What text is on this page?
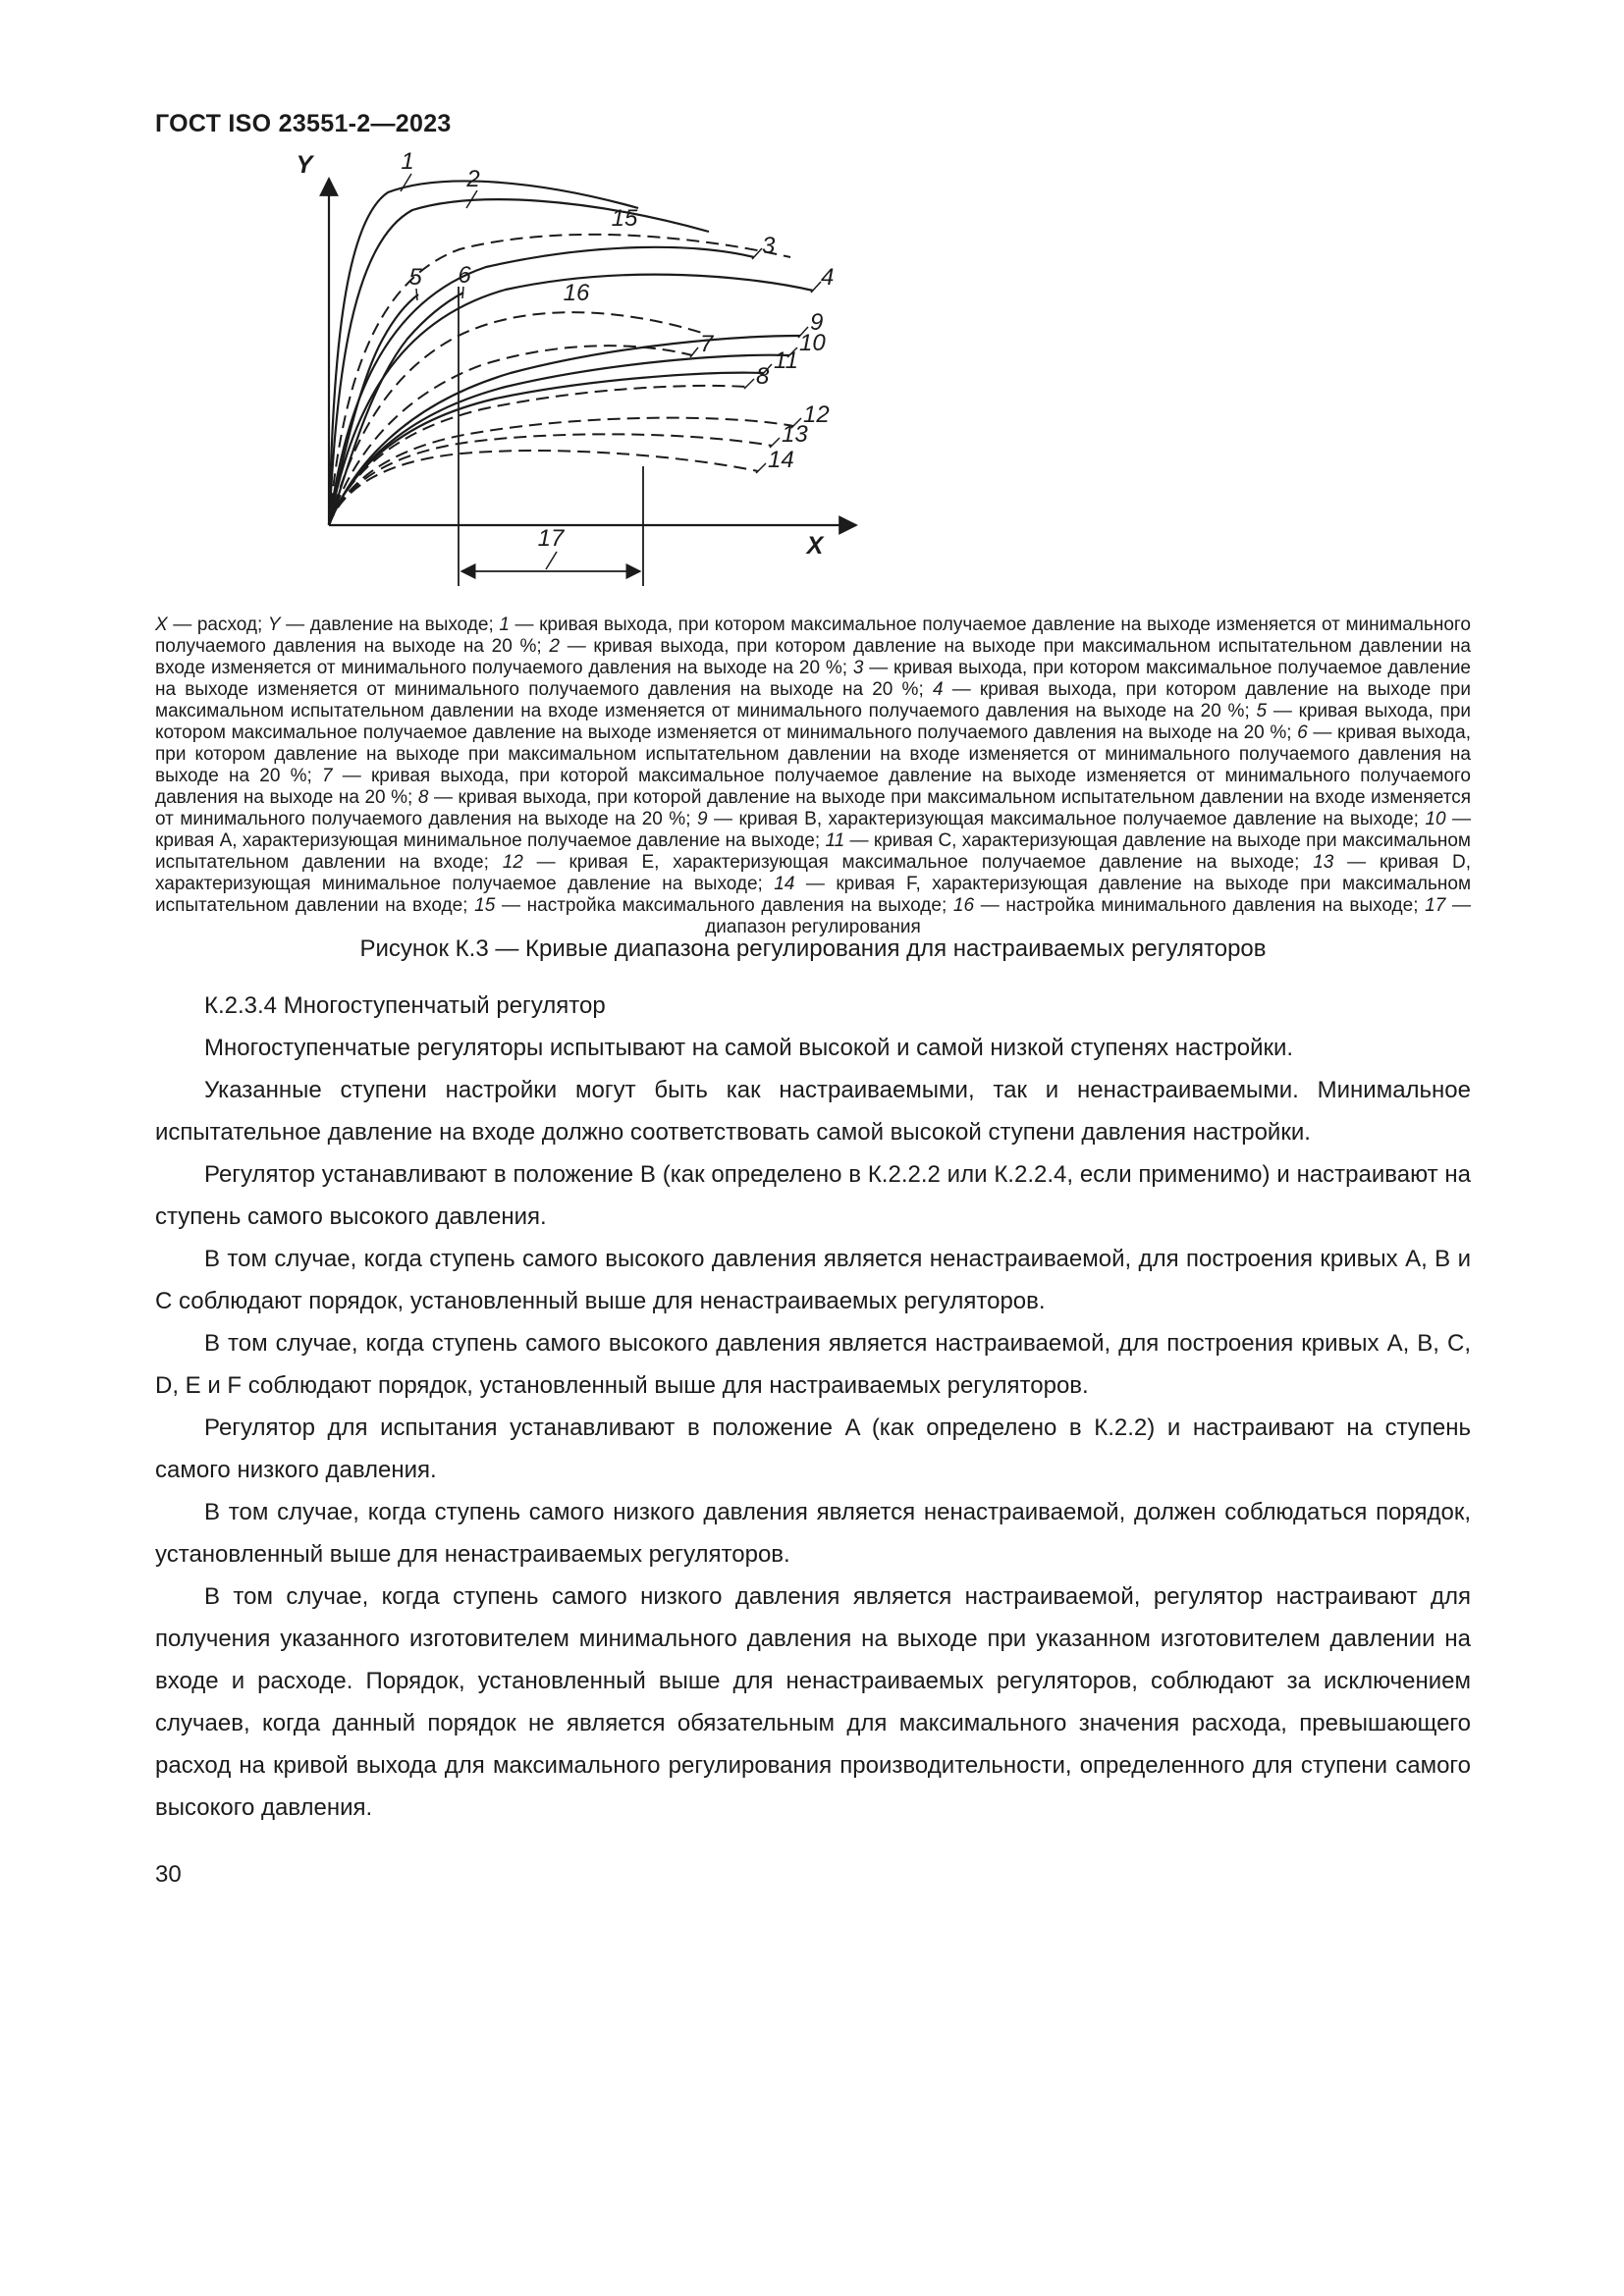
ГОСТ ISO 23551-2—2023
Y
X
1
2
3
4
5 6
7
8
9
10
11
12
13
14
15
16
17
X — расход; Y — давление на выходе; 1 — кривая выхода, при котором максимальное получаемое давление на выходе изменяется от минимального получаемого давления на выходе на 20 %; 2 — кривая выхода, при котором давление на выходе при максимальном испытательном давлении на входе изменяется от минимального получаемого давления на выходе на 20 %; 3 — кривая выхода, при котором максимальное получаемое давление на выходе изменяется от минимального получаемого давления на выходе на 20 %; 4 — кривая выхода, при котором давление на выходе при максимальном испытательном давлении на входе изменяется от минимального получаемого давления на выходе на 20 %; 5 — кривая выхода, при котором максимальное получаемое давление на выходе изменяется от минимального получаемого давления на выходе на 20 %; 6 — кривая выхода, при котором давление на выходе при максимальном испытательном давлении на входе изменяется от минимального получаемого давления на выходе на 20 %; 7 — кривая выхода, при которой максимальное получаемое давление на выходе изменяется от минимального получаемого давления на выходе на 20 %; 8 — кривая выхода, при которой давление на выходе при максимальном испытательном давлении на входе изменяется от минимального получаемого давления на выходе на 20 %; 9 — кривая B, характеризующая максимальное получаемое давление на выходе; 10 — кривая A, характеризующая минимальное получаемое давление на выходе; 11 — кривая C, характеризующая давление на выходе при максимальном испытательном давлении на входе; 12 — кривая E, характеризующая максимальное получаемое давление на выходе; 13 — кривая D, характеризующая минимальное получаемое давление на выходе; 14 — кривая F, характеризующая давление на выходе при максимальном испытательном давлении на входе; 15 — настройка максимального давления на выходе; 16 — настройка минимального давления на выходе; 17 — диапазон регулирования
Рисунок К.3 — Кривые диапазона регулирования для настраиваемых регуляторов

К.2.3.4 Многоступенчатый регулятор

Многоступенчатые регуляторы испытывают на самой высокой и самой низкой ступенях настройки.

Указанные ступени настройки могут быть как настраиваемыми, так и ненастраиваемыми. Минимальное испытательное давление на входе должно соответствовать самой высокой ступени давления настройки.

Регулятор устанавливают в положение B (как определено в К.2.2.2 или К.2.2.4, если применимо) и настраивают на ступень самого высокого давления.

В том случае, когда ступень самого высокого давления является ненастраиваемой, для построения кривых A, B и C соблюдают порядок, установленный выше для ненастраиваемых регуляторов.

В том случае, когда ступень самого высокого давления является настраиваемой, для построения кривых A, B, C, D, E и F соблюдают порядок, установленный выше для настраиваемых регуляторов.

Регулятор для испытания устанавливают в положение A (как определено в К.2.2) и настраивают на ступень самого низкого давления.

В том случае, когда ступень самого низкого давления является ненастраиваемой, должен соблюдаться порядок, установленный выше для ненастраиваемых регуляторов.

В том случае, когда ступень самого низкого давления является настраиваемой, регулятор настраивают для получения указанного изготовителем минимального давления на выходе при указанном изготовителем давлении на входе и расходе. Порядок, установленный выше для ненастраиваемых регуляторов, соблюдают за исключением случаев, когда данный порядок не является обязательным для максимального значения расхода, превышающего расход на кривой выхода для максимального регулирования производительности, определенного для ступени самого высокого давления.

30
